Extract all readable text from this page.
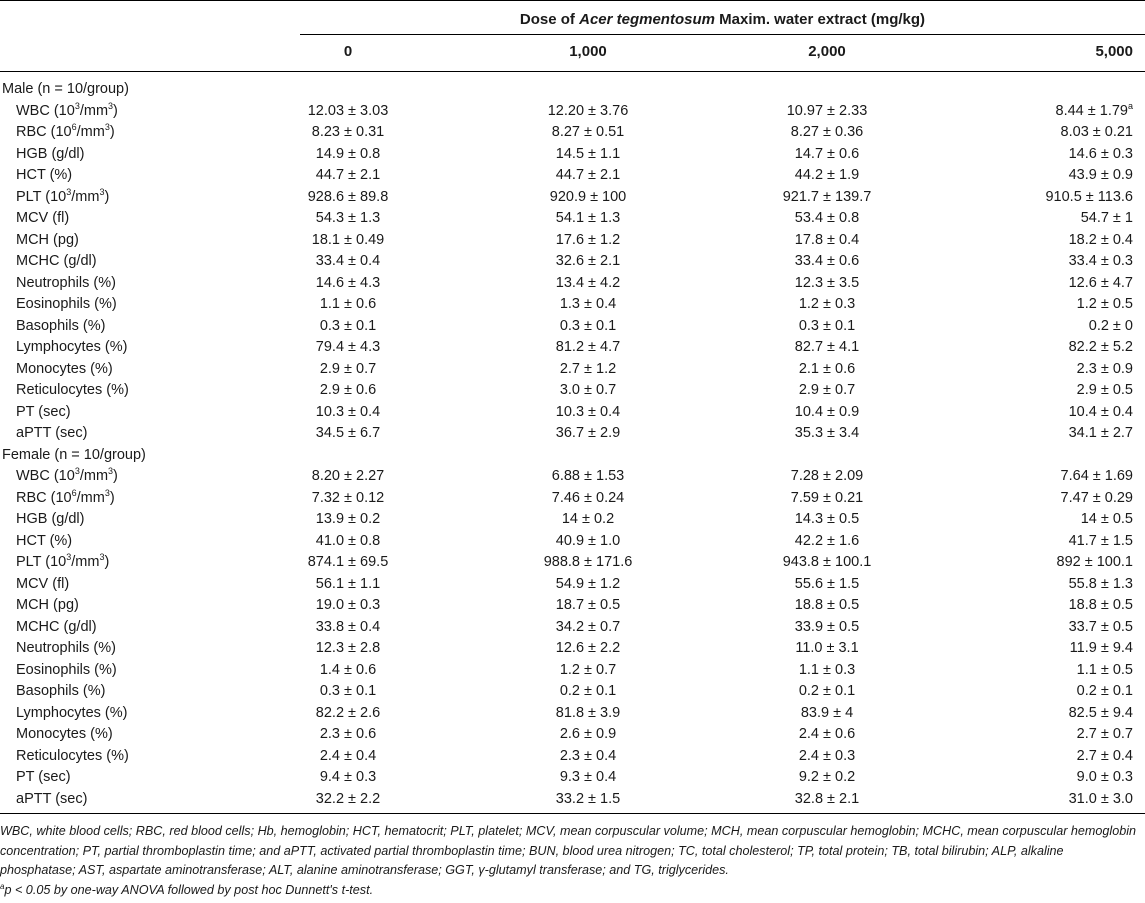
Dose of Acer tegmentosum Maxim. water extract (mg/kg)
0	1,000	2,000	5,000
Male (n = 10/group)
WBC $(10^3/mm^3)$	12.03 ± 3.03	12.20 ± 3.76	10.97 ± 2.33	8.44 ± 1.79$^a$
RBC $(10^6/mm^3)$	8.23 ± 0.31	8.27 ± 0.51	8.27 ± 0.36	8.03 ± 0.21
HGB (g/dl)	14.9 ± 0.8	14.5 ± 1.1	14.7 ± 0.6	14.6 ± 0.3
HCT (%)	44.7 ± 2.1	44.7 ± 2.1	44.2 ± 1.9	43.9 ± 0.9
PLT $(10^3/mm^3)$	928.6 ± 89.8	920.9 ± 100	921.7 ± 139.7	910.5 ± 113.6
MCV (fl)	54.3 ± 1.3	54.1 ± 1.3	53.4 ± 0.8	54.7 ± 1
MCH (pg)	18.1 ± 0.49	17.6 ± 1.2	17.8 ± 0.4	18.2 ± 0.4
MCHC (g/dl)	33.4 ± 0.4	32.6 ± 2.1	33.4 ± 0.6	33.4 ± 0.3
Neutrophils (%)	14.6 ± 4.3	13.4 ± 4.2	12.3 ± 3.5	12.6 ± 4.7
Eosinophils (%)	1.1 ± 0.6	1.3 ± 0.4	1.2 ± 0.3	1.2 ± 0.5
Basophils (%)	0.3 ± 0.1	0.3 ± 0.1	0.3 ± 0.1	0.2 ± 0
Lymphocytes (%)	79.4 ± 4.3	81.2 ± 4.7	82.7 ± 4.1	82.2 ± 5.2
Monocytes (%)	2.9 ± 0.7	2.7 ± 1.2	2.1 ± 0.6	2.3 ± 0.9
Reticulocytes (%)	2.9 ± 0.6	3.0 ± 0.7	2.9 ± 0.7	2.9 ± 0.5
PT (sec)	10.3 ± 0.4	10.3 ± 0.4	10.4 ± 0.9	10.4 ± 0.4
aPTT (sec)	34.5 ± 6.7	36.7 ± 2.9	35.3 ± 3.4	34.1 ± 2.7
Female (n = 10/group)
WBC $(10^3/mm^3)$	8.20 ± 2.27	6.88 ± 1.53	7.28 ± 2.09	7.64 ± 1.69
RBC $(10^6/mm^3)$	7.32 ± 0.12	7.46 ± 0.24	7.59 ± 0.21	7.47 ± 0.29
HGB (g/dl)	13.9 ± 0.2	14 ± 0.2	14.3 ± 0.5	14 ± 0.5
HCT (%)	41.0 ± 0.8	40.9 ± 1.0	42.2 ± 1.6	41.7 ± 1.5
PLT $(10^3/mm^3)$	874.1 ± 69.5	988.8 ± 171.6	943.8 ± 100.1	892 ± 100.1
MCV (fl)	56.1 ± 1.1	54.9 ± 1.2	55.6 ± 1.5	55.8 ± 1.3
MCH (pg)	19.0 ± 0.3	18.7 ± 0.5	18.8 ± 0.5	18.8 ± 0.5
MCHC (g/dl)	33.8 ± 0.4	34.2 ± 0.7	33.9 ± 0.5	33.7 ± 0.5
Neutrophils (%)	12.3 ± 2.8	12.6 ± 2.2	11.0 ± 3.1	11.9 ± 9.4
Eosinophils (%)	1.4 ± 0.6	1.2 ± 0.7	1.1 ± 0.3	1.1 ± 0.5
Basophils (%)	0.3 ± 0.1	0.2 ± 0.1	0.2 ± 0.1	0.2 ± 0.1
Lymphocytes (%)	82.2 ± 2.6	81.8 ± 3.9	83.9 ± 4	82.5 ± 9.4
Monocytes (%)	2.3 ± 0.6	2.6 ± 0.9	2.4 ± 0.6	2.7 ± 0.7
Reticulocytes (%)	2.4 ± 0.4	2.3 ± 0.4	2.4 ± 0.3	2.7 ± 0.4
PT (sec)	9.4 ± 0.3	9.3 ± 0.4	9.2 ± 0.2	9.0 ± 0.3
aPTT (sec)	32.2 ± 2.2	33.2 ± 1.5	32.8 ± 2.1	31.0 ± 3.0
WBC, white blood cells; RBC, red blood cells; Hb, hemoglobin; HCT, hematocrit; PLT, platelet; MCV, mean corpuscular volume; MCH, mean corpuscular hemoglobin; MCHC, mean corpuscular hemoglobin concentration; PT, partial thromboplastin time; and aPTT, activated partial thromboplastin time; BUN, blood urea nitrogen; TC, total cholesterol; TP, total protein; TB, total bilirubin; ALP, alkaline phosphatase; AST, aspartate aminotransferase; ALT, alanine aminotransferase; GGT, γ-glutamyl transferase; and TG, triglycerides.
$^a$p < 0.05 by one-way ANOVA followed by post hoc Dunnett's t-test.
